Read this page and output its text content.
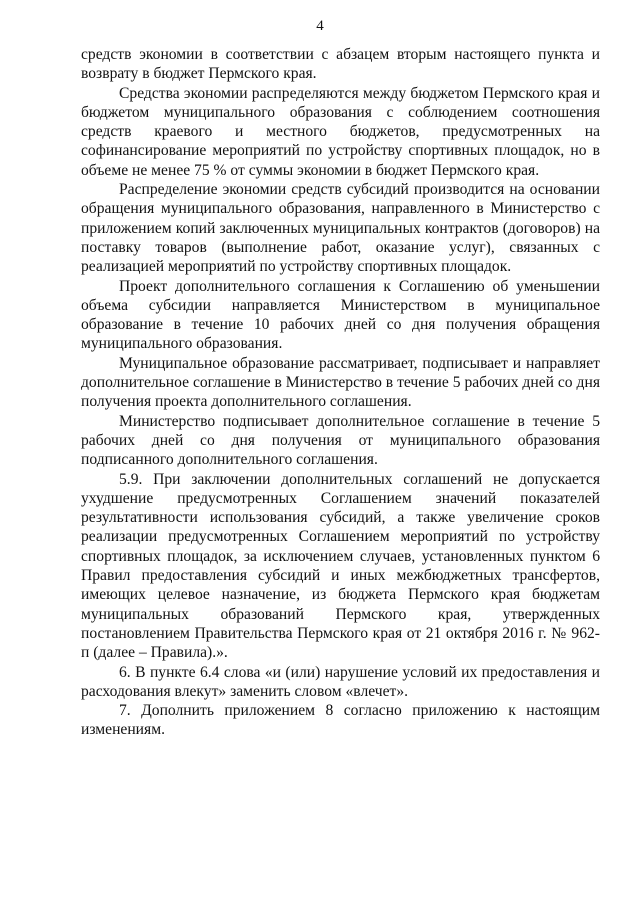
4

средств экономии в соответствии с абзацем вторым настоящего пункта и возврату в бюджет Пермского края.

Средства экономии распределяются между бюджетом Пермского края и бюджетом муниципального образования с соблюдением соотношения средств краевого и местного бюджетов, предусмотренных на софинансирование мероприятий по устройству спортивных площадок, но в объеме не менее 75 % от суммы экономии в бюджет Пермского края.

Распределение экономии средств субсидий производится на основании обращения муниципального образования, направленного в Министерство с приложением копий заключенных муниципальных контрактов (договоров) на поставку товаров (выполнение работ, оказание услуг), связанных с реализацией мероприятий по устройству спортивных площадок.

Проект дополнительного соглашения к Соглашению об уменьшении объема субсидии направляется Министерством в муниципальное образование в течение 10 рабочих дней со дня получения обращения муниципального образования.

Муниципальное образование рассматривает, подписывает и направляет дополнительное соглашение в Министерство в течение 5 рабочих дней со дня получения проекта дополнительного соглашения.

Министерство подписывает дополнительное соглашение в течение 5 рабочих дней со дня получения от муниципального образования подписанного дополнительного соглашения.

5.9. При заключении дополнительных соглашений не допускается ухудшение предусмотренных Соглашением значений показателей результативности использования субсидий, а также увеличение сроков реализации предусмотренных Соглашением мероприятий по устройству спортивных площадок, за исключением случаев, установленных пунктом 6 Правил предоставления субсидий и иных межбюджетных трансфертов, имеющих целевое назначение, из бюджета Пермского края бюджетам муниципальных образований Пермского края, утвержденных постановлением Правительства Пермского края от 21 октября 2016 г. № 962-п (далее – Правила).».

6. В пункте 6.4 слова «и (или) нарушение условий их предоставления и расходования влекут» заменить словом «влечет».

7. Дополнить приложением 8 согласно приложению к настоящим изменениям.
